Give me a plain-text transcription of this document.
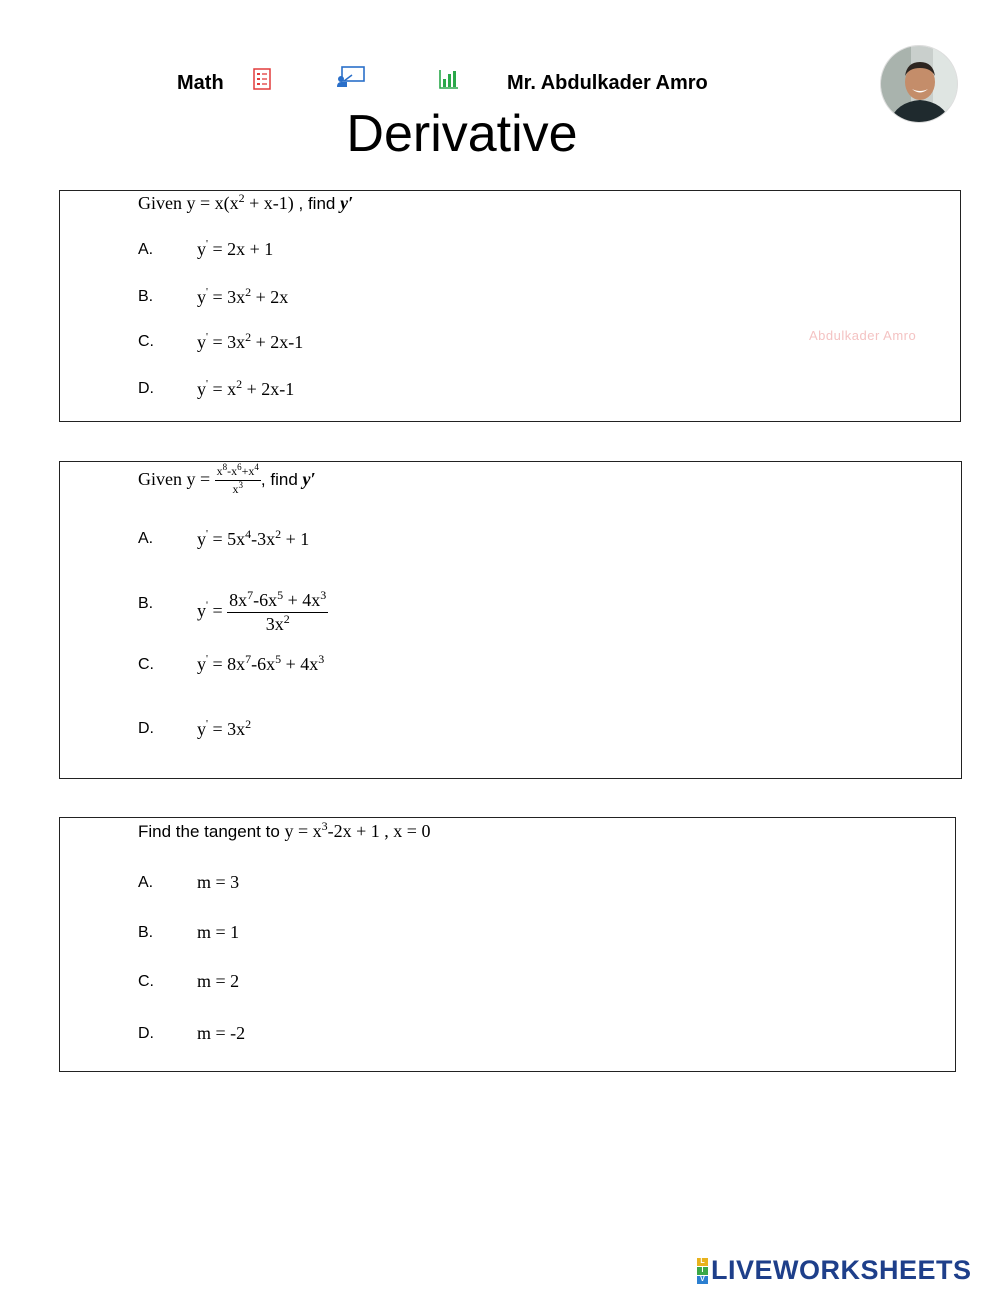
Math	Mr. Abdulkader Amro
Derivative
Given $y = x(x^2 + x-1)$ , find y′
A. y' = 2x + 1
B. $y' = 3x^2 + 2x$
C. $y' = 3x^2 + 2x-1$
D. $y' = x^2 + 2x-1$
Abdulkader Amro
Given $y = \frac{x^8-x^6+x^4}{x^3}$ , find y′
A. $y' = 5x^4-3x^2 + 1$
B. $y' = \frac{8x^7-6x^5 + 4x^3}{3x^2}$
C. $y' = 8x^7-6x^5 + 4x^3$
D. $y' = 3x^2$
Find the tangent to $y = x^3-2x + 1$ , x = 0
A. m = 3
B. m = 1
C. m = 2
D. m = -2
L
I
V LIVEWORKSHEETS
